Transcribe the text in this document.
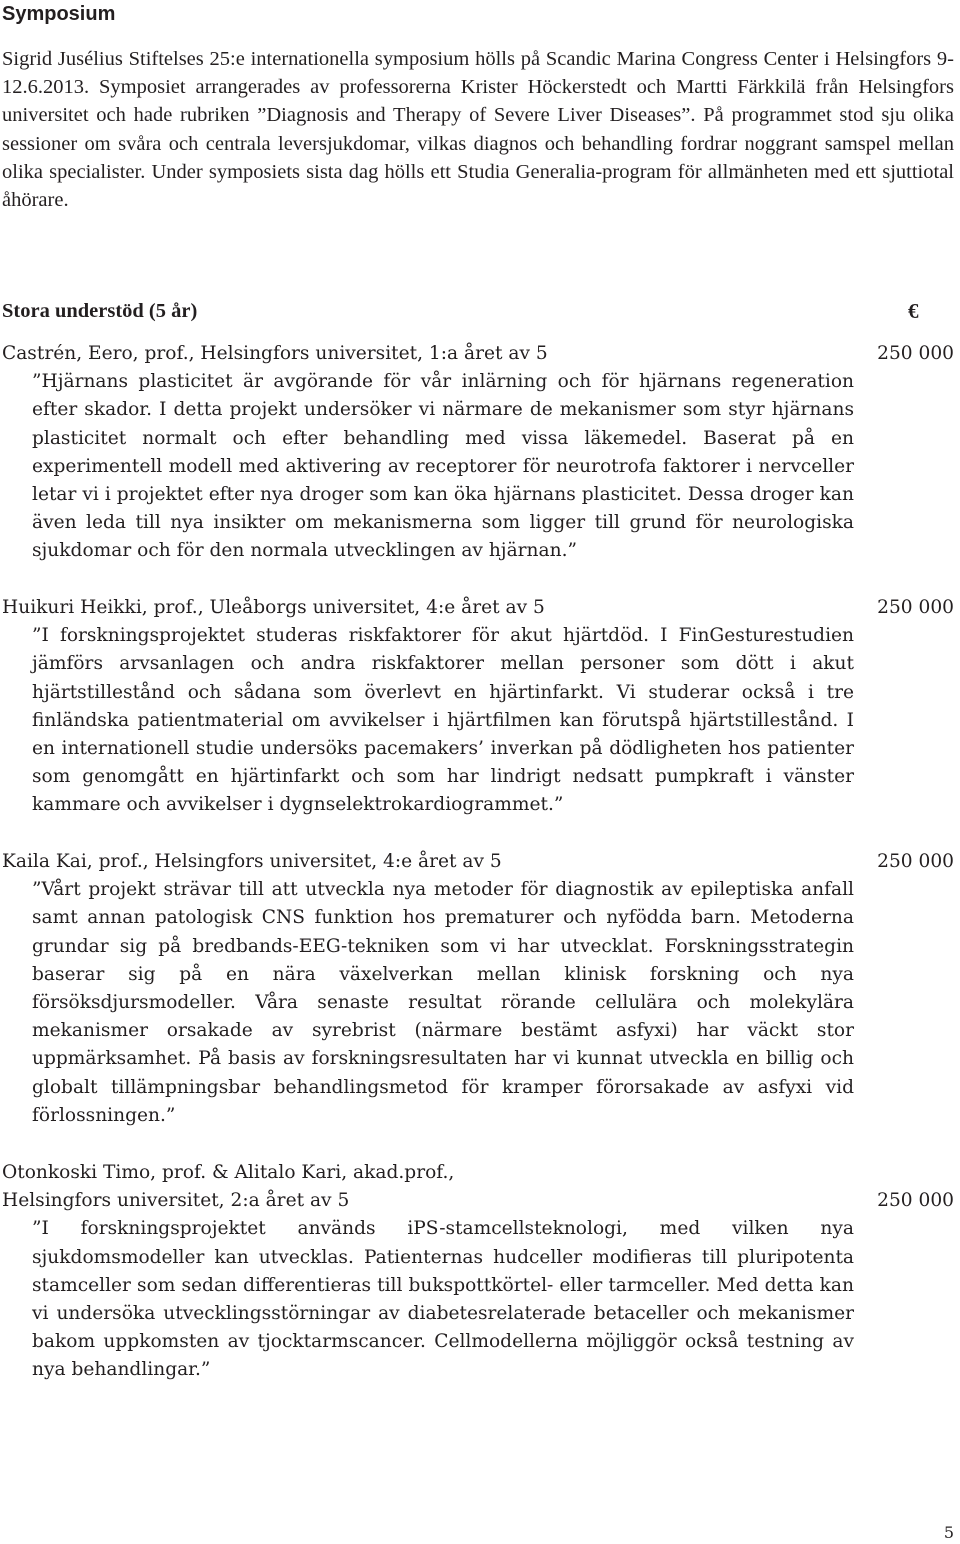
Symposium

Sigrid Jusélius Stiftelses 25:e internationella symposium hölls på Scandic Marina Congress Center i Helsingfors 9-12.6.2013. Symposiet arrangerades av professorerna Krister Höckerstedt och Martti Färkkilä från Helsingfors universitet och hade rubriken ”Diagnosis and Therapy of Severe Liver Diseases”. På programmet stod sju olika sessioner om svåra och centrala leversjukdomar, vilkas diagnos och behandling fordrar noggrant samspel mellan olika specialister. Under symposiets sista dag hölls ett Studia Generalia-program för allmänheten med ett sjuttiotal åhörare.

Stora understöd (5 år)	€
250 000
Castrén, Eero, prof., Helsingfors universitet, 1:a året av 5

”Hjärnans plasticitet är avgörande för vår inlärning och för hjärnans regeneration efter skador. I detta projekt undersöker vi närmare de mekanismer som styr hjärnans plasticitet normalt och efter behandling med vissa läkemedel. Baserat på en experimentell modell med aktivering av receptorer för neurotrofa faktorer i nervceller letar vi i projektet efter nya droger som kan öka hjärnans plasticitet. Dessa droger kan även leda till nya insikter om mekanismerna som ligger till grund för neurologiska sjukdomar och för den normala utvecklingen av hjärnan.”

250 000
Huikuri Heikki, prof., Uleåborgs universitet, 4:e året av 5

”I forskningsprojektet studeras riskfaktorer för akut hjärtdöd. I FinGesturestudien jämförs arvsanlagen och andra riskfaktorer mellan personer som dött i akut hjärtstillestånd och sådana som överlevt en hjärtinfarkt. Vi studerar också i tre finländska patientmaterial om avvikelser i hjärtfilmen kan förutspå hjärtstillestånd. I en internationell studie undersöks pacemakers’ inverkan på dödligheten hos patienter som genomgått en hjärtinfarkt och som har lindrigt nedsatt pumpkraft i vänster kammare och avvikelser i dygnselektrokardiogrammet.”

250 000
Kaila Kai, prof., Helsingfors universitet, 4:e året av 5

”Vårt projekt strävar till att utveckla nya metoder för diagnostik av epileptiska anfall samt annan patologisk CNS funktion hos prematurer och nyfödda barn. Metoderna grundar sig på bredbands-EEG-tekniken som vi har utvecklat. Forskningsstrategin baserar sig på en nära växelverkan mellan klinisk forskning och nya försöksdjursmodeller. Våra senaste resultat rörande cellulära och molekylära mekanismer orsakade av syrebrist (närmare bestämt asfyxi) har väckt stor uppmärksamhet. På basis av forskningsresultaten har vi kunnat utveckla en billig och globalt tillämpningsbar behandlingsmetod för kramper förorsakade av asfyxi vid förlossningen.”

250 000
Otonkoski Timo, prof. & Alitalo Kari, akad.prof.,
Helsingfors universitet, 2:a året av 5

”I forskningsprojektet används iPS-stamcellsteknologi, med vilken nya sjukdomsmodeller kan utvecklas. Patienternas hudceller modifieras till pluripotenta stamceller som sedan differentieras till bukspottkörtel- eller tarmceller. Med detta kan vi undersöka utvecklingsstörningar av diabetesrelaterade betaceller och mekanismer bakom uppkomsten av tjocktarmscancer. Cellmodellerna möjliggör också testning av nya behandlingar.”

5
